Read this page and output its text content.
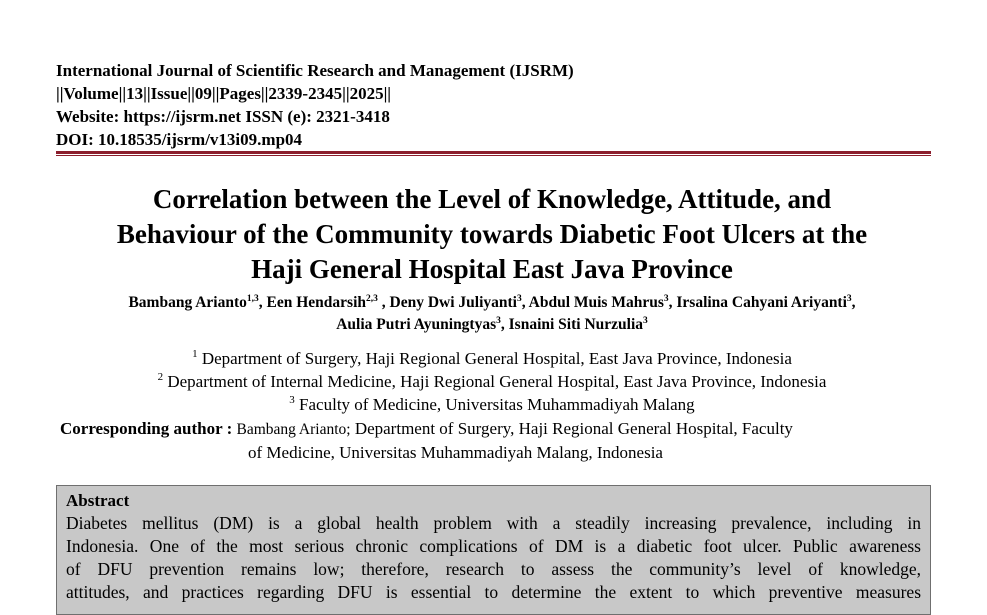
International Journal of Scientific Research and Management (IJSRM)
||Volume||13||Issue||09||Pages||2339-2345||2025||
Website: https://ijsrm.net ISSN (e): 2321-3418
DOI: 10.18535/ijsrm/v13i09.mp04
Correlation between the Level of Knowledge, Attitude, and
Behaviour of the Community towards Diabetic Foot Ulcers at the
Haji General Hospital East Java Province
Bambang Arianto$^{1,3}$, Een Hendarsih$^{2,3}$ , Deny Dwi Juliyanti$^3$, Abdul Muis Mahrus$^3$, Irsalina Cahyani Ariyanti$^3$,
Aulia Putri Ayuningtyas$^3$, Isnaini Siti Nurzulia$^3$
$^1$ Department of Surgery, Haji Regional General Hospital, East Java Province, Indonesia
$^2$ Department of Internal Medicine, Haji Regional General Hospital, East Java Province, Indonesia
$^3$ Faculty of Medicine, Universitas Muhammadiyah Malang
Corresponding author : Bambang Arianto; Department of Surgery, Haji Regional General Hospital, Faculty
of Medicine, Universitas Muhammadiyah Malang, Indonesia
Abstract
Diabetes mellitus (DM) is a global health problem with a steadily increasing prevalence, including in
Indonesia. One of the most serious chronic complications of DM is a diabetic foot ulcer. Public awareness
of DFU prevention remains low; therefore, research to assess the community’s level of knowledge,
attitudes, and practices regarding DFU is essential to determine the extent to which preventive measures
